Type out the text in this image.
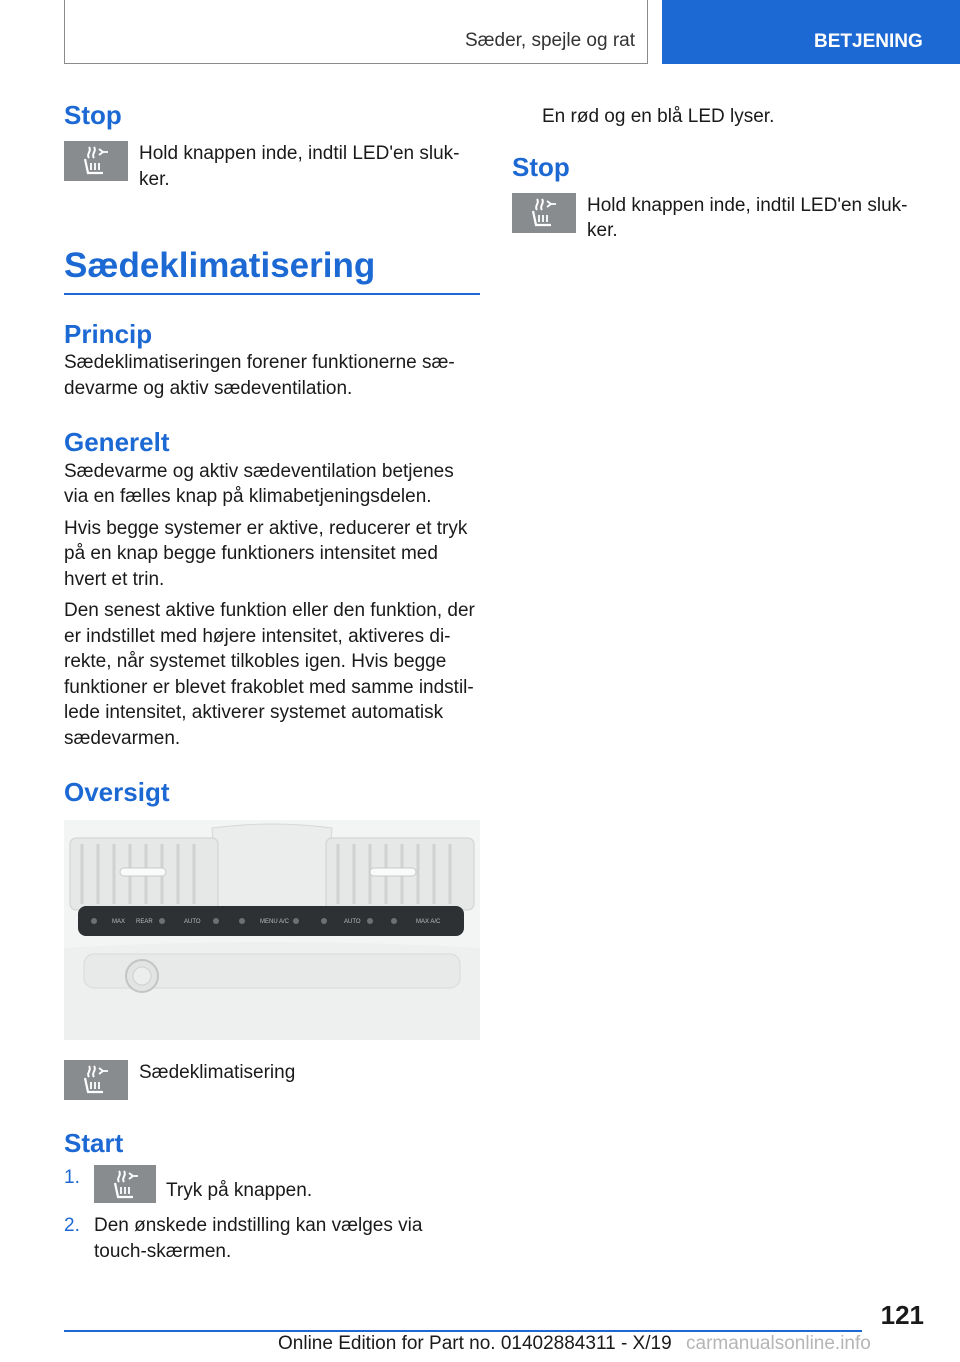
Sæder, spejle og rat	BETJENING
Stop

Hold knappen inde, indtil LED'en sluk-ker.

Sædeklimatisering
Princip

Sædeklimatiseringen forener funktionerne sæ-devarme og aktiv sædeventilation.

Generelt

Sædevarme og aktiv sædeventilation betjenes via en fælles knap på klimabetjeningsdelen.

Hvis begge systemer er aktive, reducerer et tryk på en knap begge funktioners intensitet med hvert et trin.

Den senest aktive funktion eller den funktion, der er indstillet med højere intensitet, aktiveres di-rekte, når systemet tilkobles igen. Hvis begge funktioner er blevet frakoblet med samme indstil-lede intensitet, aktiverer systemet automatisk sædevarmen.

Oversigt
MAX REAR	AUTO	MENU A/C	AUTO	MAX A/C

Sædeklimatisering

Start
1.
Tryk på knappen.
2. Den ønskede indstilling kan vælges via touch-skærmen.

En rød og en blå LED lyser.

Stop

Hold knappen inde, indtil LED'en sluk-ker.

121
Online Edition for Part no. 01402884311 - X/19 carmanualsonline.info
